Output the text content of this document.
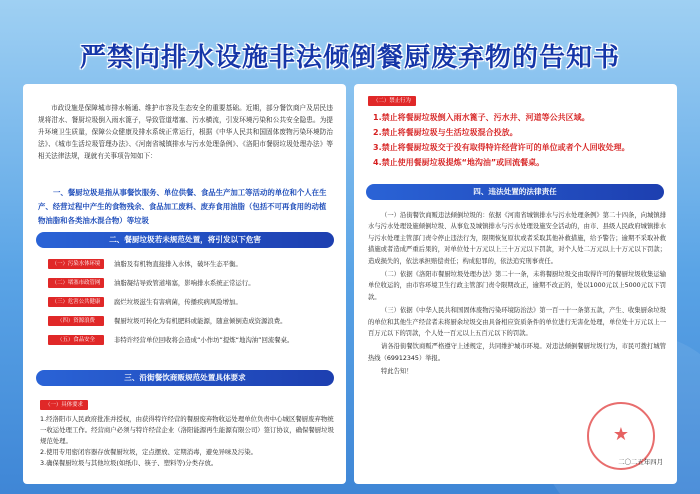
严禁向排水设施非法倾倒餐厨废弃物的告知书

市政设施是保障城市排水畅通、维护市容及生态安全的重要基础。近期，部分餐饮商户及居民违规将泔水、餐厨垃圾倒入雨水篦子，导致管道堵塞、污水横流，引发环境污染和公共安全隐患。为提升环境卫生质量，保障公众健康及排水系统正常运行，根据《中华人民共和国固体废物污染环境防治法》、《城市生活垃圾管理办法》、《河南省城镇排水与污水处理条例》、《洛阳市餐厨垃圾处理办法》等相关法律法规，现就有关事项告知如下：

一、餐厨垃圾是指从事餐饮服务、单位供餐、食品生产加工等活动的单位和个人在生产、经营过程中产生的食物残余、食品加工废料、废弃食用油脂（包括不可再食用的动植物油脂和各类油水混合物）等垃圾

二、餐厨垃圾若未规范处置，将引发以下危害
（一）污染水体环境	油脂及有机物直接排入水体，破坏生态平衡。
（二）堵塞市政管网	油脂凝结导致管道堵塞，影响排水系统正常运行。
（三）危害公共健康	腐烂垃圾滋生有害病菌，传播疾病风险增加。
（四）资源浪费	餐厨垃圾可转化为有机肥料或能源，随意倾倒造成资源浪费。
（五）食品安全	非特许经营单位回收将会造成“小作坊”提炼“地沟油”回流餐桌。
三、沿街餐饮商贩规范处置具体要求
（一）具体要求

1.经洛阳市人民政府批准并授权，由获得特许经营的餐厨废弃物收运处理单位负责中心城区餐厨废弃物统一收运处理工作。经营商户必须与特许经营企业（洛阳能源再生能源有限公司）签订协议，确保餐厨垃圾规范处理。

2.使用专用密闭容器存放餐厨垃圾，定点摆放、定期消毒，避免异味及污染。

3.确保餐厨垃圾与其他垃圾(如纸巾、筷子、塑料等)分类存放。

（二）禁止行为
1.禁止将餐厨垃圾倒入雨水篦子、污水井、河道等公共区域。
2.禁止将餐厨垃圾与生活垃圾混合投放。
3.禁止将餐厨垃圾交于没有取得特许经营许可的单位或者个人回收处理。
4.禁止使用餐厨垃圾提炼“地沟油”或回流餐桌。
四、违法处置的法律责任

（一）沿街餐饮商贩违法倾倒垃圾的：依据《河南省城镇排水与污水处理条例》第二十四条，向城镇排水与污水处理设施倾倒垃圾、从事危及城镇排水与污水处理设施安全活动的，由市、县级人民政府城镇排水与污水处理主管部门责令停止违法行为，限期恢复原状或者采取其他补救措施，给予警告；逾期不采取补救措施或者造成严重后果的，对单位处十万元以上三十万元以下罚款，对个人处二万元以上十万元以下罚款；造成损失的，依法承担赔偿责任；构成犯罪的，依法追究刑事责任。

（二）依据《洛阳市餐厨垃圾处理办法》第二十一条，未将餐厨垃圾交由取得许可的餐厨垃圾收集运输单位收运的，由市容环境卫生行政主管部门责令限期改正，逾期不改正的，处以1000元以上5000元以下罚款。

（三）依据《中华人民共和国固体废物污染环境防治法》第一百一十一条第五款，产生、收集厨余垃圾的单位和其他生产经营者未将厨余垃圾交由具备相应资质条件的单位进行无害化处理，单位处十万元以上一百万元以下的罚款，个人处一百元以上五百元以下的罚款。

请各沿街餐饮商贩严格遵守上述规定，共同维护城市环境。对违法倾倒餐厨垃圾行为，市民可拨打城管热线（69912345）举报。

特此告知！

★
二〇二五年四月
